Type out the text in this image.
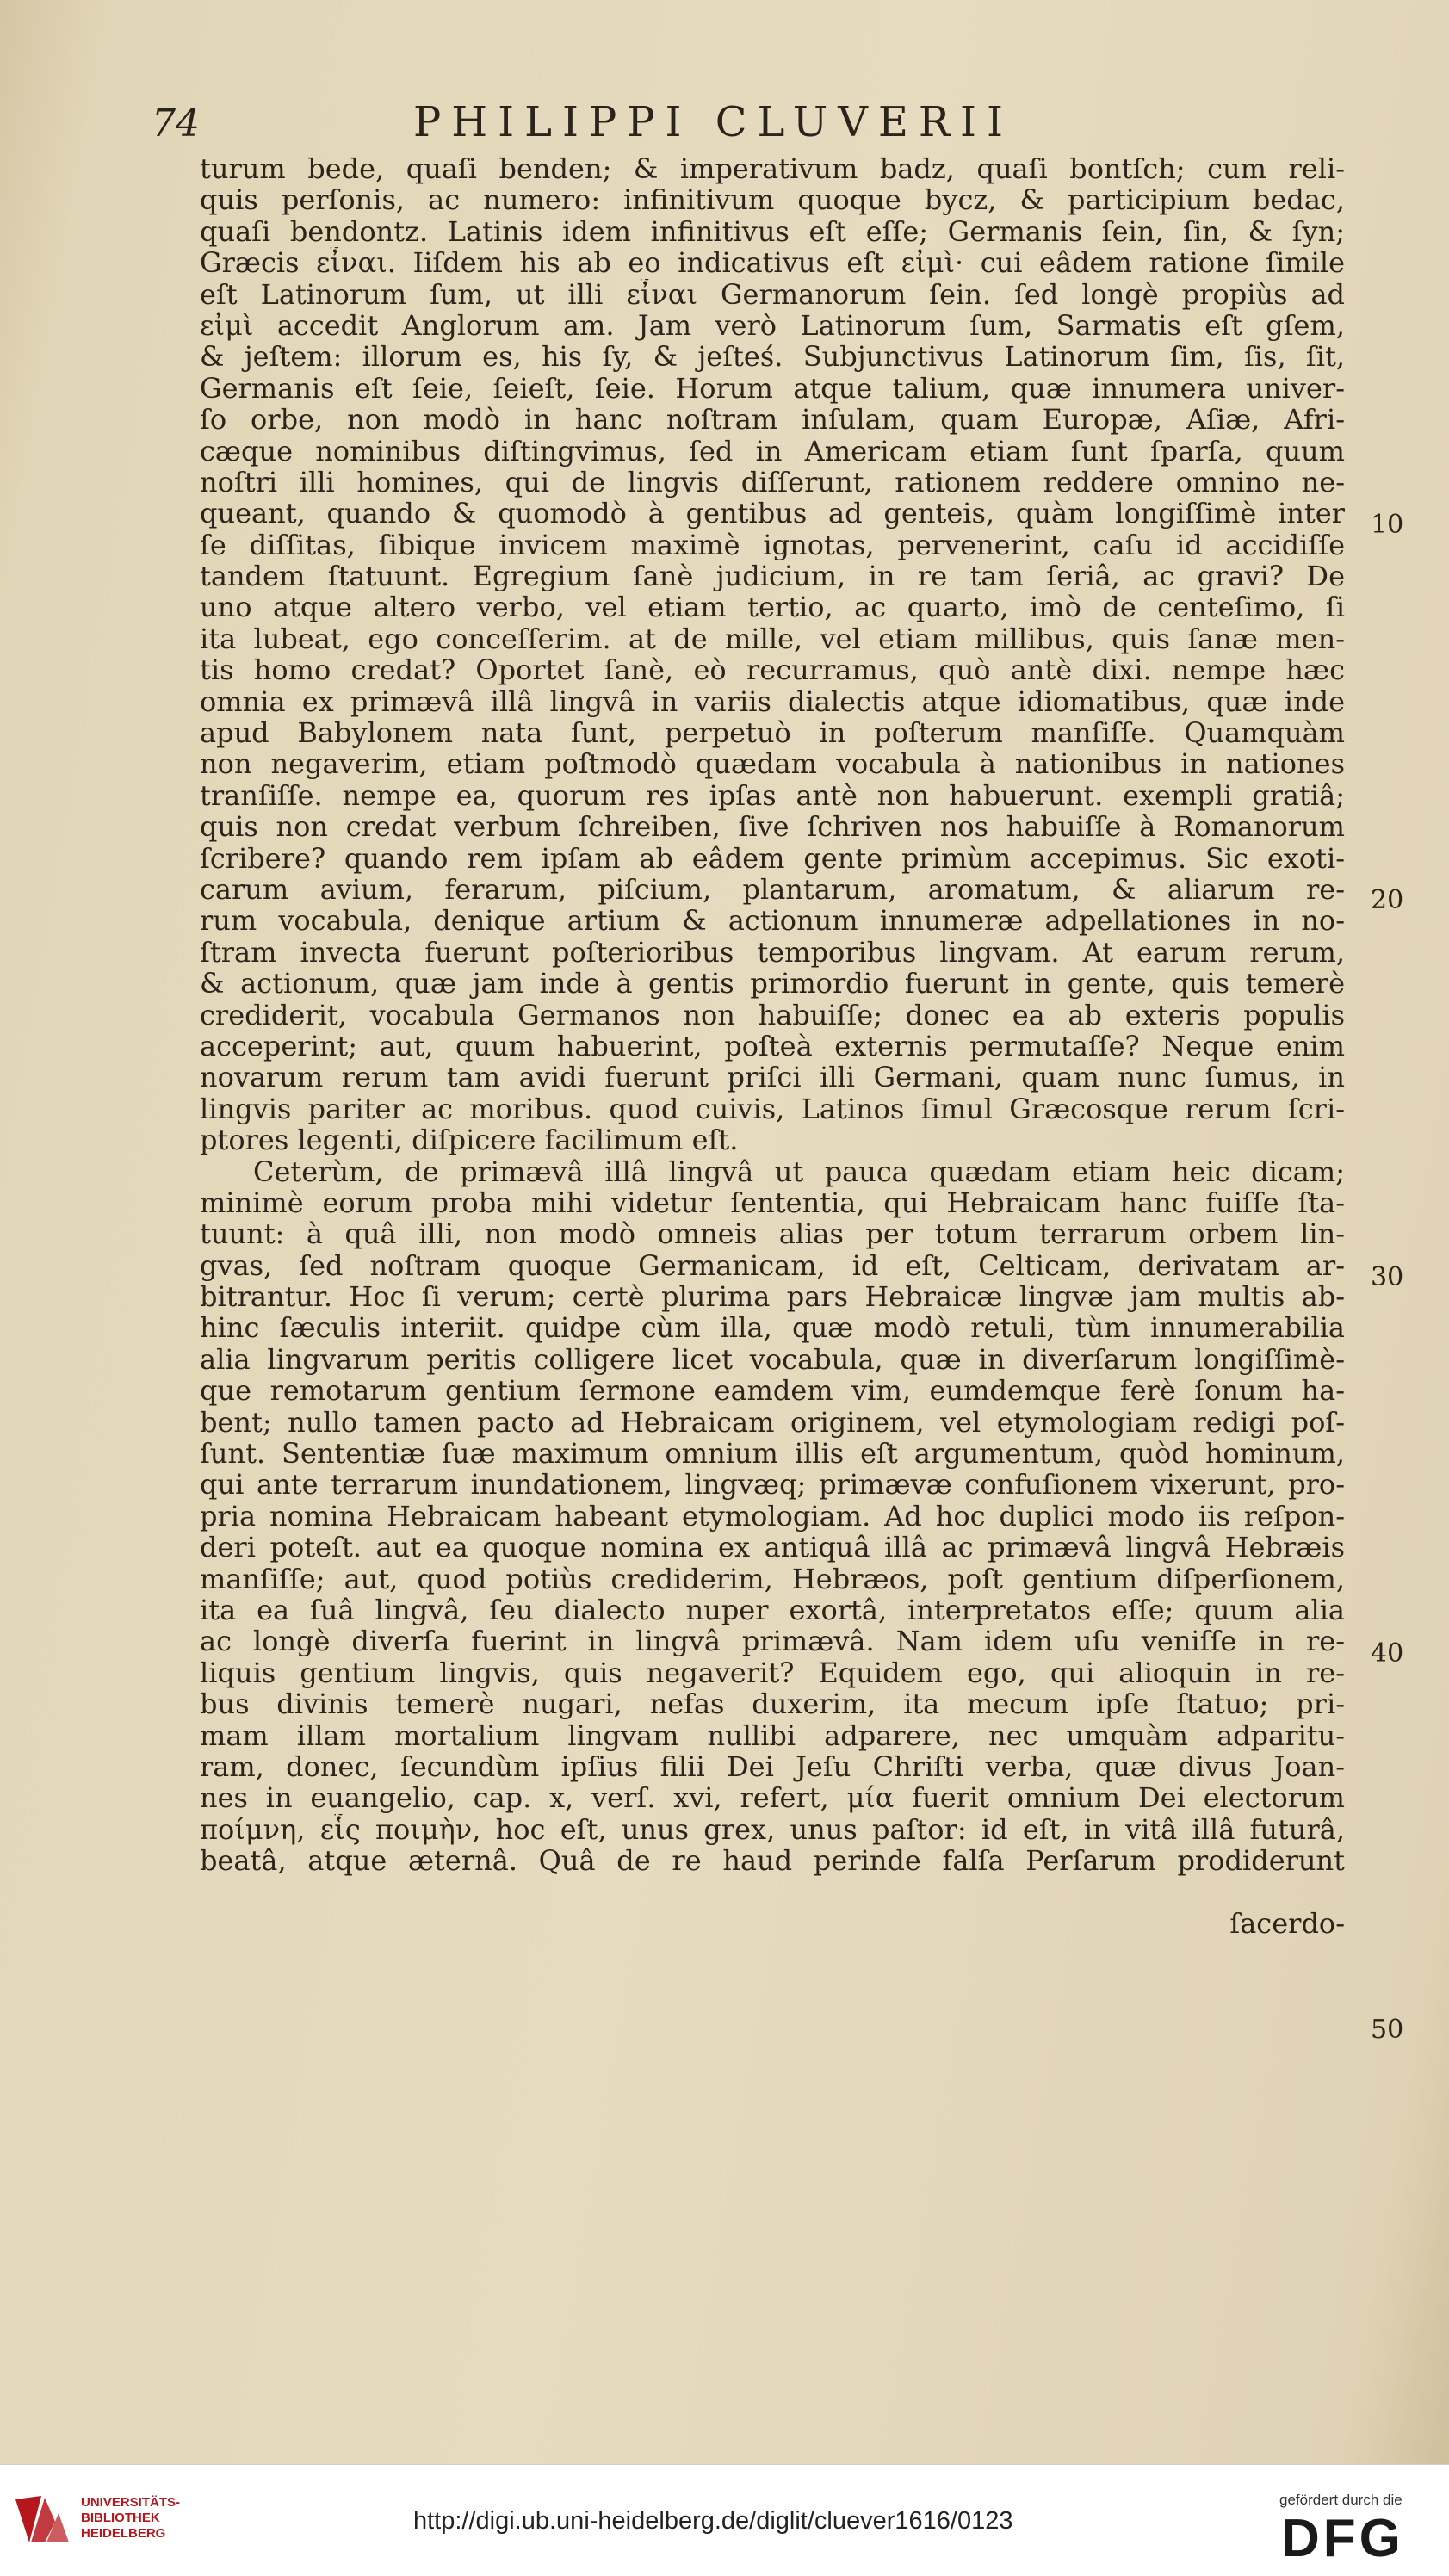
74	PHILIPPI CLUVERII
turum bede, quaſi benden; & imperativum badz, quaſi bontſch; cum reli-
quis perſonis, ac numero: infinitivum quoque bycz, & participium bedac,
quaſi bendontz. Latinis idem infinitivus eſt eſſe; Germanis ſein, ſin, & ſyn;
Græcis εἶναι. Iiſdem his ab eo indicativus eſt εἰμὶ· cui eâdem ratione ſimile
eſt Latinorum ſum, ut illi εἶναι Germanorum ſein. ſed longè propiùs ad
εἰμὶ accedit Anglorum am. Jam verò Latinorum ſum, Sarmatis eſt gſem,
& jeſtem: illorum es, his ſy, & jeſteś. Subjunctivus Latinorum ſim, ſis, ſit,
Germanis eſt ſeie, ſeieſt, ſeie. Horum atque talium, quæ innumera univer-
ſo orbe, non modò in hanc noſtram inſulam, quam Europæ, Aſiæ, Afri-
cæque nominibus diſtingvimus, ſed in Americam etiam ſunt ſparſa, quum
noſtri illi homines, qui de lingvis diſſerunt, rationem reddere omnino ne-
queant, quando & quomodò à gentibus ad genteis, quàm longiſſimè inter
ſe diſſitas, ſibique invicem maximè ignotas, pervenerint, caſu id accidiſſe
tandem ſtatuunt. Egregium ſanè judicium, in re tam ſeriâ, ac gravi? De
uno atque altero verbo, vel etiam tertio, ac quarto, imò de centeſimo, ſi
ita lubeat, ego conceſſerim. at de mille, vel etiam millibus, quis ſanæ men-
tis homo credat? Oportet ſanè, eò recurramus, quò antè dixi. nempe hæc
omnia ex primævâ illâ lingvâ in variis dialectis atque idiomatibus, quæ inde
apud Babylonem nata ſunt, perpetuò in poſterum manſiſſe. Quamquàm
non negaverim, etiam poſtmodò quædam vocabula à nationibus in nationes
tranſiſſe. nempe ea, quorum res ipſas antè non habuerunt. exempli gratiâ;
quis non credat verbum ſchreiben, ſive ſchriven nos habuiſſe à Romanorum
ſcribere? quando rem ipſam ab eâdem gente primùm accepimus. Sic exoti-
carum avium, ferarum, piſcium, plantarum, aromatum, & aliarum re-
rum vocabula, denique artium & actionum innumeræ adpellationes in no-
ſtram invecta fuerunt poſterioribus temporibus lingvam. At earum rerum,
& actionum, quæ jam inde à gentis primordio fuerunt in gente, quis temerè
crediderit, vocabula Germanos non habuiſſe; donec ea ab exteris populis
acceperint; aut, quum habuerint, poſteà externis permutaſſe? Neque enim
novarum rerum tam avidi fuerunt priſci illi Germani, quam nunc ſumus, in
lingvis pariter ac moribus. quod cuivis, Latinos ſimul Græcosque rerum ſcri-
ptores legenti, diſpicere facilimum eſt.
Ceterùm, de primævâ illâ lingvâ ut pauca quædam etiam heic dicam;
minimè eorum proba mihi videtur ſententia, qui Hebraicam hanc fuiſſe ſta-
tuunt: à quâ illi, non modò omneis alias per totum terrarum orbem lin-
gvas, ſed noſtram quoque Germanicam, id eſt, Celticam, derivatam ar-
bitrantur. Hoc ſi verum; certè plurima pars Hebraicæ lingvæ jam multis ab-
hinc ſæculis interiit. quidpe cùm illa, quæ modò retuli, tùm innumerabilia
alia lingvarum peritis colligere licet vocabula, quæ in diverſarum longiſſimè-
que remotarum gentium ſermone eamdem vim, eumdemque ferè ſonum ha-
bent; nullo tamen pacto ad Hebraicam originem, vel etymologiam redigi poſ-
ſunt. Sententiæ ſuæ maximum omnium illis eſt argumentum, quòd hominum,
qui ante terrarum inundationem, lingvæq; primævæ confuſionem vixerunt, pro-
pria nomina Hebraicam habeant etymologiam. Ad hoc duplici modo iis reſpon-
deri poteſt. aut ea quoque nomina ex antiquâ illâ ac primævâ lingvâ Hebræis
manſiſſe; aut, quod potiùs crediderim, Hebræos, poſt gentium diſperſionem,
ita ea ſuâ lingvâ, ſeu dialecto nuper exortâ, interpretatos eſſe; quum alia
ac longè diverſa fuerint in lingvâ primævâ. Nam idem uſu veniſſe in re-
liquis gentium lingvis, quis negaverit? Equidem ego, qui alioquin in re-
bus divinis temerè nugari, nefas duxerim, ita mecum ipſe ſtatuo; pri-
mam illam mortalium lingvam nullibi adparere, nec umquàm adparitu-
ram, donec, ſecundùm ipſius filii Dei Jeſu Chriſti verba, quæ divus Joan-
nes in euangelio, cap. x, verſ. xvi, refert, μία fuerit omnium Dei electorum
ποίμνη, εἷς ποιμὴν, hoc eſt, unus grex, unus paſtor: id eſt, in vitâ illâ futurâ,
beatâ, atque æternâ. Quâ de re haud perinde falſa Perſarum prodiderunt
ſacerdo-
10
20
30
40
50
UNIVERSITÄTS-
BIBLIOTHEK
HEIDELBERG	http://digi.ub.uni-heidelberg.de/diglit/cluever1616/0123
gefördert durch die
DFG
